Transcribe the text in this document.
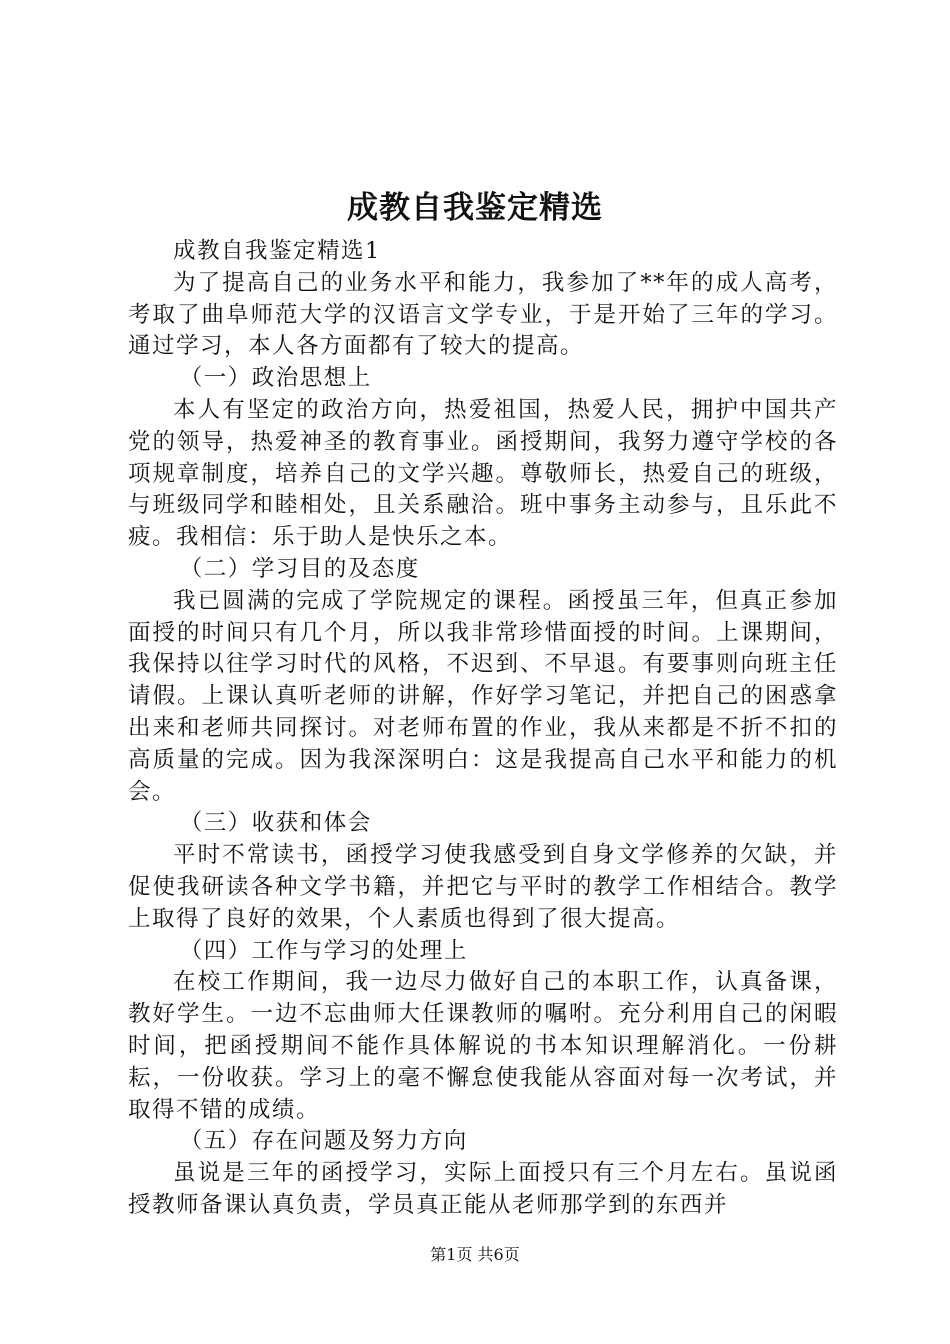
成教自我鉴定精选

成教自我鉴定精选1

为了提高自己的业务水平和能力，我参加了**年的成人高考，考取了曲阜师范大学的汉语言文学专业，于是开始了三年的学习。通过学习，本人各方面都有了较大的提高。

（一）政治思想上

本人有坚定的政治方向，热爱祖国，热爱人民，拥护中国共产党的领导，热爱神圣的教育事业。函授期间，我努力遵守学校的各项规章制度，培养自己的文学兴趣。尊敬师长，热爱自己的班级，与班级同学和睦相处，且关系融洽。班中事务主动参与，且乐此不疲。我相信：乐于助人是快乐之本。

（二）学习目的及态度

我已圆满的完成了学院规定的课程。函授虽三年，但真正参加面授的时间只有几个月，所以我非常珍惜面授的时间。上课期间，我保持以往学习时代的风格，不迟到、不早退。有要事则向班主任请假。上课认真听老师的讲解，作好学习笔记，并把自己的困惑拿出来和老师共同探讨。对老师布置的作业，我从来都是不折不扣的高质量的完成。因为我深深明白：这是我提高自己水平和能力的机会。

（三）收获和体会

平时不常读书，函授学习使我感受到自身文学修养的欠缺，并促使我研读各种文学书籍，并把它与平时的教学工作相结合。教学上取得了良好的效果，个人素质也得到了很大提高。

（四）工作与学习的处理上

在校工作期间，我一边尽力做好自己的本职工作，认真备课，教好学生。一边不忘曲师大任课教师的嘱咐。充分利用自己的闲暇时间，把函授期间不能作具体解说的书本知识理解消化。一份耕耘，一份收获。学习上的毫不懈怠使我能从容面对每一次考试，并取得不错的成绩。

（五）存在问题及努力方向

虽说是三年的函授学习，实际上面授只有三个月左右。虽说函授教师备课认真负责，学员真正能从老师那学到的东西并

第1页 共6页
